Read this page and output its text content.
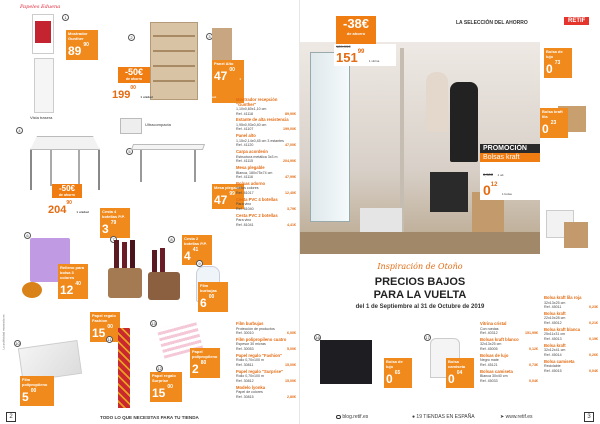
Papeles Eduena
Vista trasera
1
Mostrador Gunther
89 $^{90}$
2
-50€
de ahorro
$199^{00}$ 1 unidad
3
Panel Alto
47 $^{00}$ 1 ud.
4
-50€
de ahorro
$204^{90}$ 1 unidad
Ultracompacta
5
Mesa plegable
47 $^{99}$
Cesta 4 botellas P.P.
3 $^{79}$
8	Cesta 2 botellas P.P.
4 $^{41}$
6
Relleno para bolsa 3 colores
12 $^{40}$
9
Film burbujas
6 $^{00}$
Papel regalo Fashion
15 $^{00}$
11
13
Papel polipropileno
2 $^{80}$
12
Papel regalo Surprise
15 $^{00}$
10
Film polipropileno
5 $^{00}$
Mostrador recepción "Gunther"
1,10x0,60x1,10 cm
Ref. 41118	89,90€
Estante de alta resistencia
1,95x0,93x0,40 cm
Ref. 41107	199,00€
Panel alto
1,15x2,14x0,45 cm 3 estantes
Ref. 41120	47,00€
Carpa acordeón
Estructura metálica 3x3 m
Ref. 41115	204,90€
Mesa plegable
Blanca, 180x75x74 cm
Ref. 41116	47,99€
Bolsas adorno
Varios colores
Ref. 81017	12,40€
Cesta PVC 4 botellas
Para vino
Ref. 81040	3,79€
Cesta PVC 2 botellas
Para vino
Ref. 81041	4,41€
Film burbujas
Protección de productos
Ref. 30010	6,00€
Film polipropileno cuatro
Espesor 30 micras
Ref. 30053	5,00€
Papel regalo "Fashion"
Rollo 0,70x100 m
Ref. 30811	15,00€
Papel regalo "Surprise"
Rollo 0,70x100 m
Ref. 30812	15,00€
Modelo lyonka
Papel de colores
Ref. 30815	2,80€
La publicidad mostrada es
2	TODO LO QUE NECESITAS PARA TU TIENDA
LA SELECCIÓN DEL AHORRO	RETIF
-38€
de ahorro
189,99€
$151^{99}$ 1 vitrina
PROMOCIÓN
Bolsas kraft
0,50€ 1 ud.
$0^{12}$ 1 bolsa
Bolsa de lujo
0 $^{73}$
Bolsa kraft lila
0 $^{23}$
Inspiración de Otoño
PRECIOS BAJOS
PARA LA VUELTA
del 1 de Septiembre al 31 de Octubre de 2019
16
Bolsa de lujo
0 $^{65}$
17
Bolsa camiseta
0 $^{04}$
Vitrina cristal
Con ruedas
Ref. 40312	151,99€
Bolsas kraft blanco
32x13x25 cm
Ref. 45005	0,12€
Bolsas de lujo
Negro mate
Ref. 45121	0,73€
Bolsas camiseta
Blanca 30x40 cm
Ref. 45033	0,04€
Bolsa kraft lila roja
32x13x25 cm
Ref. 45011	0,23€
Bolsa kraft
22x10x28 cm
Ref. 45012	0,21€
Bolsa kraft blanca
25x11x31 cm
Ref. 45013	0,19€
Bolsa kraft
32x12x41 cm
Ref. 45014	0,26€
Bolsa camiseta
Reciclable
Ref. 45015	0,04€
blog.retif.es	● 19 TIENDAS EN ESPAÑA	➤ www.retif.es	3
